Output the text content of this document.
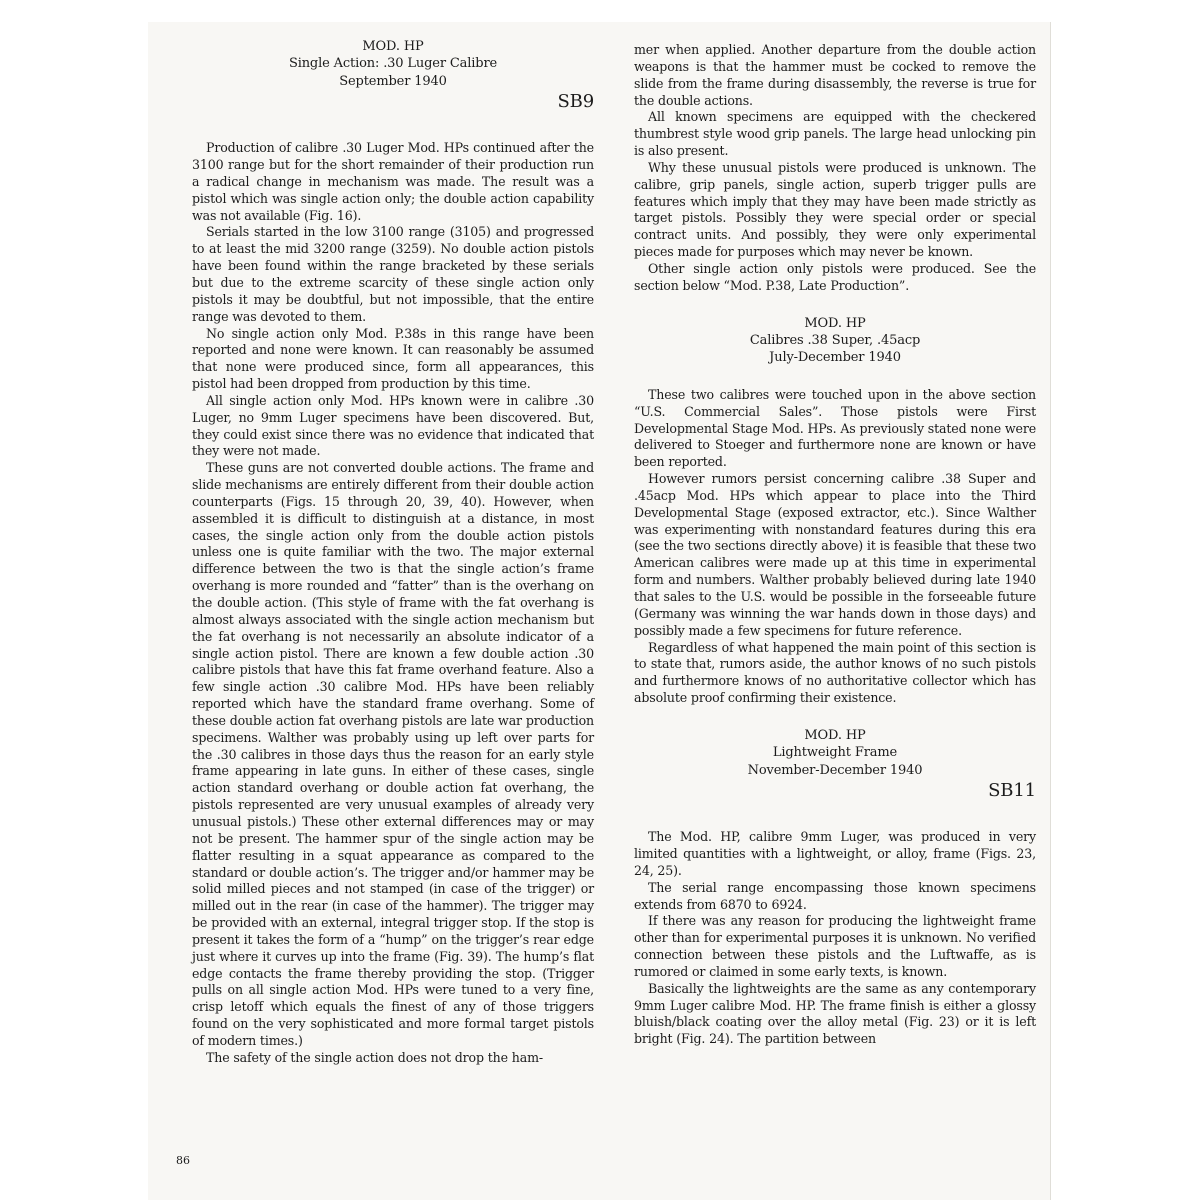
MOD. HP
Single Action: .30 Luger Calibre
September 1940
SB9

Production of calibre .30 Luger Mod. HPs continued after the 3100 range but for the short remainder of their production run a radical change in mechanism was made. The result was a pistol which was single action only; the double action capability was not available (Fig. 16).

Serials started in the low 3100 range (3105) and progressed to at least the mid 3200 range (3259). No double action pistols have been found within the range bracketed by these serials but due to the extreme scarcity of these single action only pistols it may be doubtful, but not impossible, that the entire range was devoted to them.

No single action only Mod. P.38s in this range have been reported and none were known. It can reasonably be assumed that none were produced since, form all appearances, this pistol had been dropped from production by this time.

All single action only Mod. HPs known were in calibre .30 Luger, no 9mm Luger specimens have been discovered. But, they could exist since there was no evidence that indicated that they were not made.

These guns are not converted double actions. The frame and slide mechanisms are entirely different from their double action counterparts (Figs. 15 through 20, 39, 40). However, when assembled it is difficult to distinguish at a distance, in most cases, the single action only from the double action pistols unless one is quite familiar with the two. The major external difference between the two is that the single action’s frame overhang is more rounded and “fatter” than is the overhang on the double action. (This style of frame with the fat overhang is almost always associated with the single action mechanism but the fat overhang is not necessarily an absolute indicator of a single action pistol. There are known a few double action .30 calibre pistols that have this fat frame overhand feature. Also a few single action .30 calibre Mod. HPs have been reliably reported which have the standard frame overhang. Some of these double action fat overhang pistols are late war production specimens. Walther was probably using up left over parts for the .30 calibres in those days thus the reason for an early style frame appearing in late guns. In either of these cases, single action standard overhang or double action fat overhang, the pistols represented are very unusual examples of already very unusual pistols.) These other external differences may or may not be present. The hammer spur of the single action may be flatter resulting in a squat appearance as compared to the standard or double action’s. The trigger and/or hammer may be solid milled pieces and not stamped (in case of the trigger) or milled out in the rear (in case of the hammer). The trigger may be provided with an external, integral trigger stop. If the stop is present it takes the form of a “hump” on the trigger’s rear edge just where it curves up into the frame (Fig. 39). The hump’s flat edge contacts the frame thereby providing the stop. (Trigger pulls on all single action Mod. HPs were tuned to a very fine, crisp letoff which equals the finest of any of those triggers found on the very sophisticated and more formal target pistols of modern times.)

The safety of the single action does not drop the ham-

mer when applied. Another departure from the double action weapons is that the hammer must be cocked to remove the slide from the frame during disassembly, the reverse is true for the double actions.

All known specimens are equipped with the checkered thumbrest style wood grip panels. The large head unlocking pin is also present.

Why these unusual pistols were produced is unknown. The calibre, grip panels, single action, superb trigger pulls are features which imply that they may have been made strictly as target pistols. Possibly they were special order or special contract units. And possibly, they were only experimental pieces made for purposes which may never be known.

Other single action only pistols were produced. See the section below “Mod. P.38, Late Production”.

MOD. HP
Calibres .38 Super, .45acp
July-December 1940

These two calibres were touched upon in the above section “U.S. Commercial Sales”. Those pistols were First Developmental Stage Mod. HPs. As previously stated none were delivered to Stoeger and furthermore none are known or have been reported.

However rumors persist concerning calibre .38 Super and .45acp Mod. HPs which appear to place into the Third Developmental Stage (exposed extractor, etc.). Since Walther was experimenting with nonstandard features during this era (see the two sections directly above) it is feasible that these two American calibres were made up at this time in experimental form and numbers. Walther probably believed during late 1940 that sales to the U.S. would be possible in the forseeable future (Germany was winning the war hands down in those days) and possibly made a few specimens for future reference.

Regardless of what happened the main point of this section is to state that, rumors aside, the author knows of no such pistols and furthermore knows of no authoritative collector which has absolute proof confirming their existence.

MOD. HP
Lightweight Frame
November-December 1940
SB11

The Mod. HP, calibre 9mm Luger, was produced in very limited quantities with a lightweight, or alloy, frame (Figs. 23, 24, 25).

The serial range encompassing those known specimens extends from 6870 to 6924.

If there was any reason for producing the lightweight frame other than for experimental purposes it is unknown. No verified connection between these pistols and the Luftwaffe, as is rumored or claimed in some early texts, is known.

Basically the lightweights are the same as any contemporary 9mm Luger calibre Mod. HP. The frame finish is either a glossy bluish/black coating over the alloy metal (Fig. 23) or it is left bright (Fig. 24). The partition between

86
